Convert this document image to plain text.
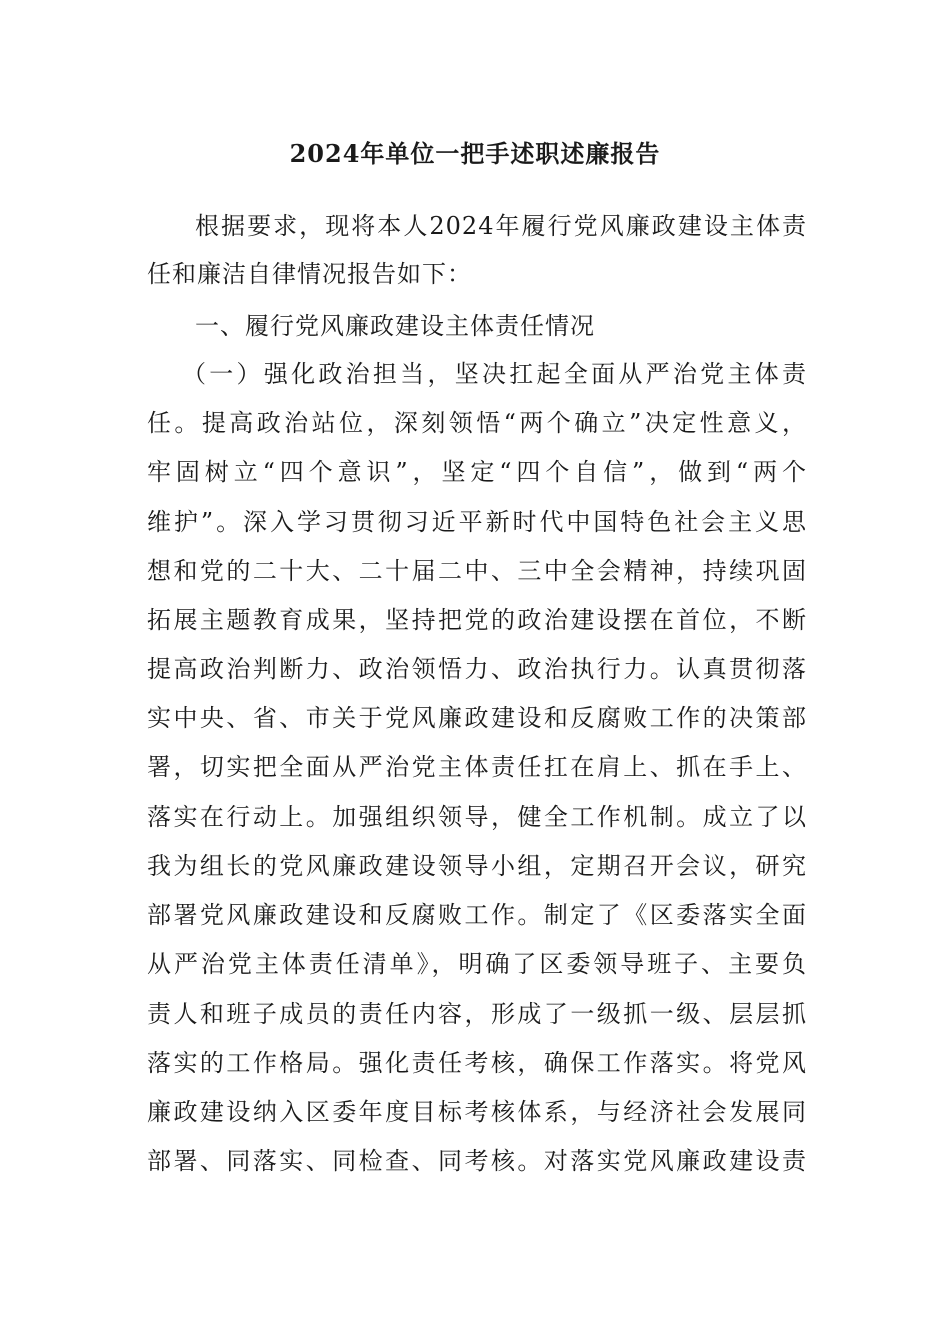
2024年单位一把手述职述廉报告

根据要求，现将本人2024年履行党风廉政建设主体责

任和廉洁自律情况报告如下：

一、履行党风廉政建设主体责任情况

（一）强化政治担当，坚决扛起全面从严治党主体责

任。提高政治站位，深刻领悟“两个确立”决定性意义，

牢固树立“四个意识”，坚定“四个自信”，做到“两个

维护”。深入学习贯彻习近平新时代中国特色社会主义思

想和党的二十大、二十届二中、三中全会精神，持续巩固

拓展主题教育成果，坚持把党的政治建设摆在首位，不断

提高政治判断力、政治领悟力、政治执行力。认真贯彻落

实中央、省、市关于党风廉政建设和反腐败工作的决策部

署，切实把全面从严治党主体责任扛在肩上、抓在手上、

落实在行动上。加强组织领导，健全工作机制。成立了以

我为组长的党风廉政建设领导小组，定期召开会议，研究

部署党风廉政建设和反腐败工作。制定了《区委落实全面

从严治党主体责任清单》，明确了区委领导班子、主要负

责人和班子成员的责任内容，形成了一级抓一级、层层抓

落实的工作格局。强化责任考核，确保工作落实。将党风

廉政建设纳入区委年度目标考核体系，与经济社会发展同

部署、同落实、同检查、同考核。对落实党风廉政建设责
